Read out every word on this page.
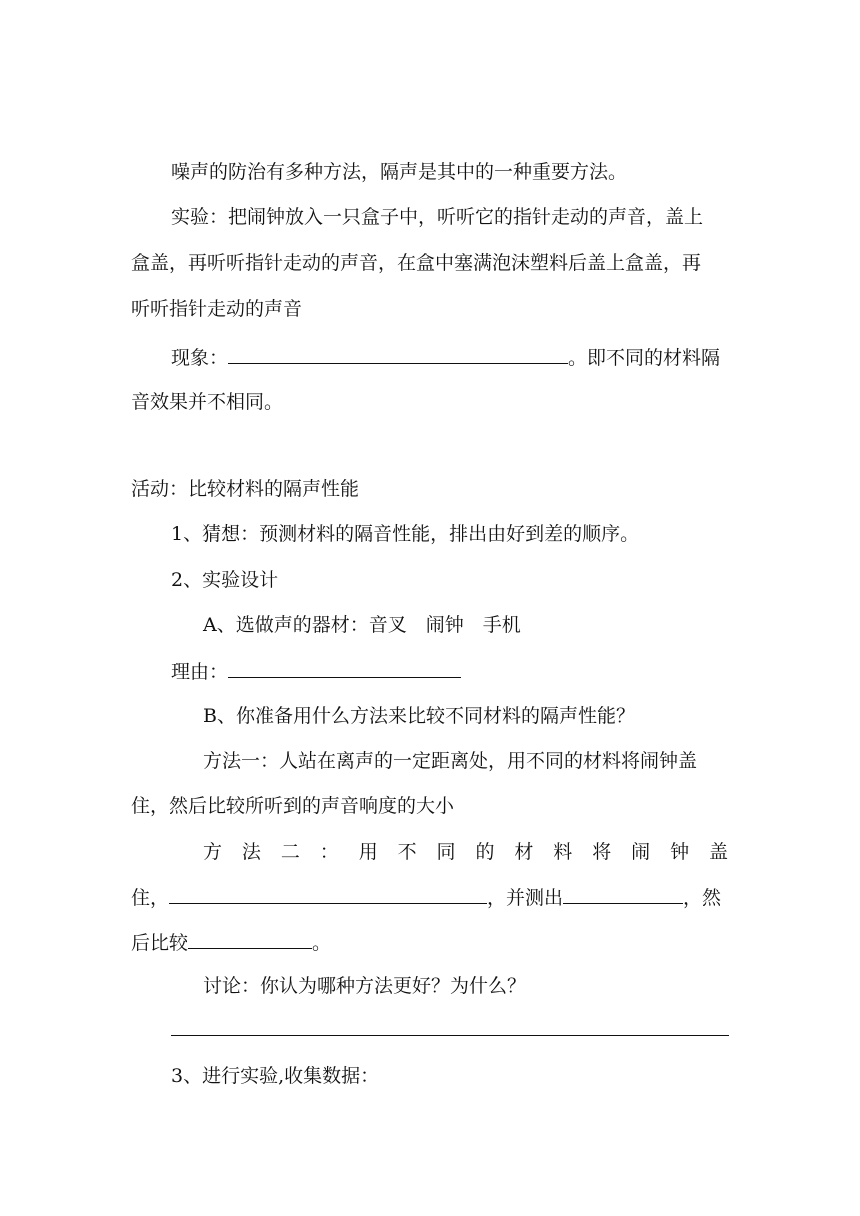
噪声的防治有多种方法，隔声是其中的一种重要方法。
实验：把闹钟放入一只盒子中，听听它的指针走动的声音，盖上
盒盖，再听听指针走动的声音，在盒中塞满泡沫塑料后盖上盒盖，再
听听指针走动的声音
现象：	。即不同的材料隔
音效果并不相同。
活动：比较材料的隔声性能
1、猜想：预测材料的隔音性能，排出由好到差的顺序。
2、实验设计
A、选做声的器材：音叉　闹钟　手机
理由：
B、你准备用什么方法来比较不同材料的隔声性能？
方法一：人站在离声的一定距离处，用不同的材料将闹钟盖
住，然后比较所听到的声音响度的大小
方 法 二 ： 用 不 同 的 材 料 将 闹 钟 盖
住，	，并测出	，然
后比较	。
讨论：你认为哪种方法更好？为什么？
3、进行实验,收集数据：
